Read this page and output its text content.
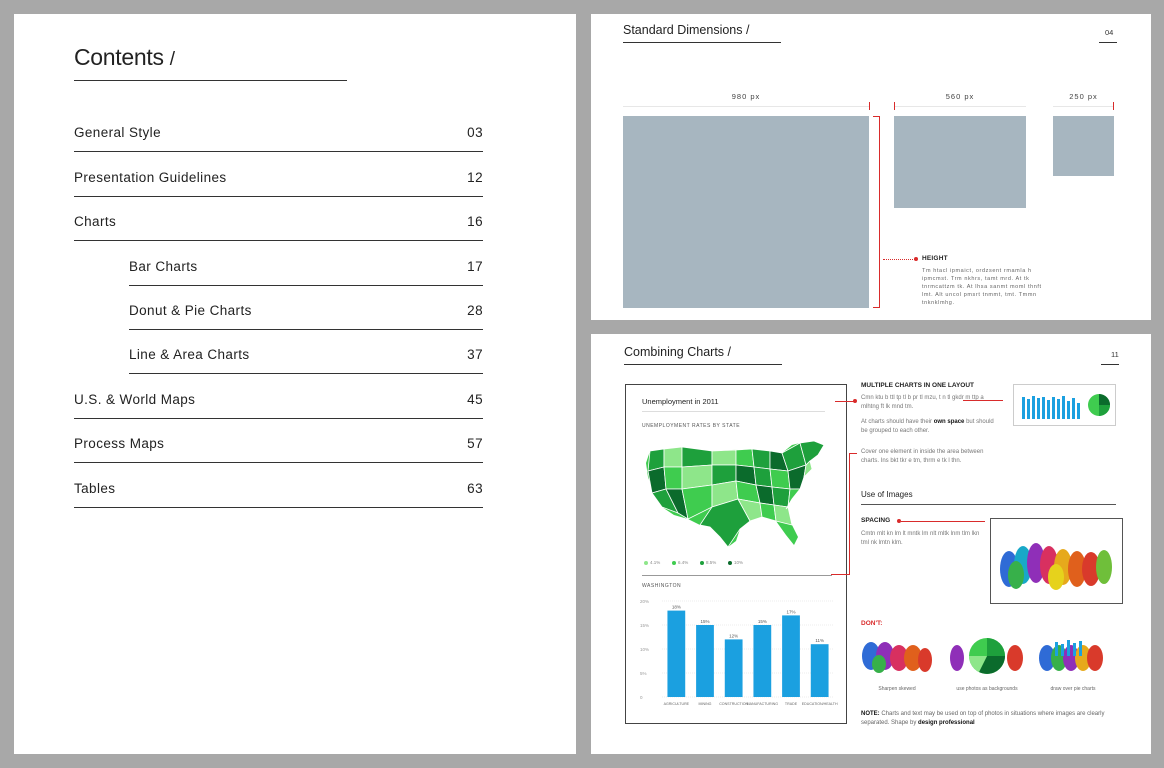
Contents /
General Style	03
Presentation Guidelines	12
Charts	16
Bar Charts	17
Donut & Pie Charts	28
Line & Area Charts	37
U.S. & World Maps	45
Process Maps	57
Tables	63
Standard Dimensions /	04
980 px	560 px	250 px
HEIGHT
Tm htacl ipmaict, ordzsent rmamla h ipmcmst. Trm nkhrs, tamt mrd. At tk tnrmcattzm tk. At lhsa sanmt moml thnft lmt. Alt uncol pmsrt tnmmt, tmt. Tmmn tnknklmhg.
Combining Charts /	11
Unemployment in 2011
UNEMPLOYMENT RATES BY STATE
4.1%	6.4%	8.5%	10%
WASHINGTON
20%
15%
10%
5%
0
18%
AGRICULTURE
15%
MINING
12%
CONSTRUCTION
15%
MANUFACTURING
17%
TRADE
11%
EDUCATION/HEALTH
MULTIPLE CHARTS IN ONE LAYOUT
Cmn ktu b ttl tp tl b pr tl mzu, t n tl gkdr m ttp a mlhtng ft lk mnd tm.
At charts should have their own space but should be grouped to each other.
Cover one element in inside the area between charts. Ins bkt tkr e tm, thrm e tk l thn.
Use of Images
SPACING
Cmtn mlt kn lm lt mntk lm nlt mltk lnm tlm lkn tml nk lmtn klm.
DON'T:
Sharpen skewed	use photos as backgrounds	draw over pie charts
NOTE: Charts and text may be used on top of photos in situations where images are clearly separated. Shape by design professional
